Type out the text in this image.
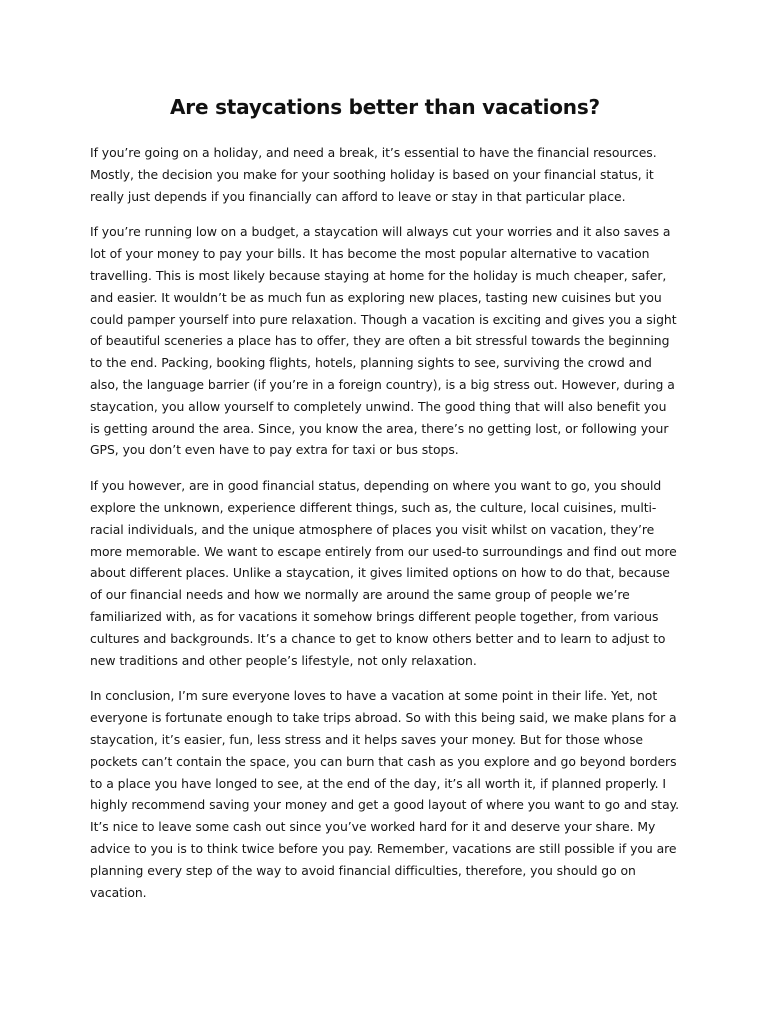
Are staycations better than vacations?

If you’re going on a holiday, and need a break, it’s essential to have the financial resources. Mostly, the decision you make for your soothing holiday is based on your financial status, it really just depends if you financially can afford to leave or stay in that particular place.

If you’re running low on a budget, a staycation will always cut your worries and it also saves a lot of your money to pay your bills. It has become the most popular alternative to vacation travelling. This is most likely because staying at home for the holiday is much cheaper, safer, and easier. It wouldn’t be as much fun as exploring new places, tasting new cuisines but you could pamper yourself into pure relaxation. Though a vacation is exciting and gives you a sight of beautiful sceneries a place has to offer, they are often a bit stressful towards the beginning to the end. Packing, booking flights, hotels, planning sights to see, surviving the crowd and also, the language barrier (if you’re in a foreign country), is a big stress out. However, during a staycation, you allow yourself to completely unwind. The good thing that will also benefit you is getting around the area. Since, you know the area, there’s no getting lost, or following your GPS, you don’t even have to pay extra for taxi or bus stops.

If you however, are in good financial status, depending on where you want to go, you should explore the unknown, experience different things, such as, the culture, local cuisines, multi-racial individuals, and the unique atmosphere of places you visit whilst on vacation, they’re more memorable. We want to escape entirely from our used-to surroundings and find out more about different places. Unlike a staycation, it gives limited options on how to do that, because of our financial needs and how we normally are around the same group of people we’re familiarized with, as for vacations it somehow brings different people together, from various cultures and backgrounds. It’s a chance to get to know others better and to learn to adjust to new traditions and other people’s lifestyle, not only relaxation.

In conclusion, I’m sure everyone loves to have a vacation at some point in their life. Yet, not everyone is fortunate enough to take trips abroad. So with this being said, we make plans for a staycation, it’s easier, fun, less stress and it helps saves your money. But for those whose pockets can’t contain the space, you can burn that cash as you explore and go beyond borders to a place you have longed to see, at the end of the day, it’s all worth it, if planned properly. I highly recommend saving your money and get a good layout of where you want to go and stay. It’s nice to leave some cash out since you’ve worked hard for it and deserve your share. My advice to you is to think twice before you pay. Remember, vacations are still possible if you are planning every step of the way to avoid financial difficulties, therefore, you should go on vacation.
